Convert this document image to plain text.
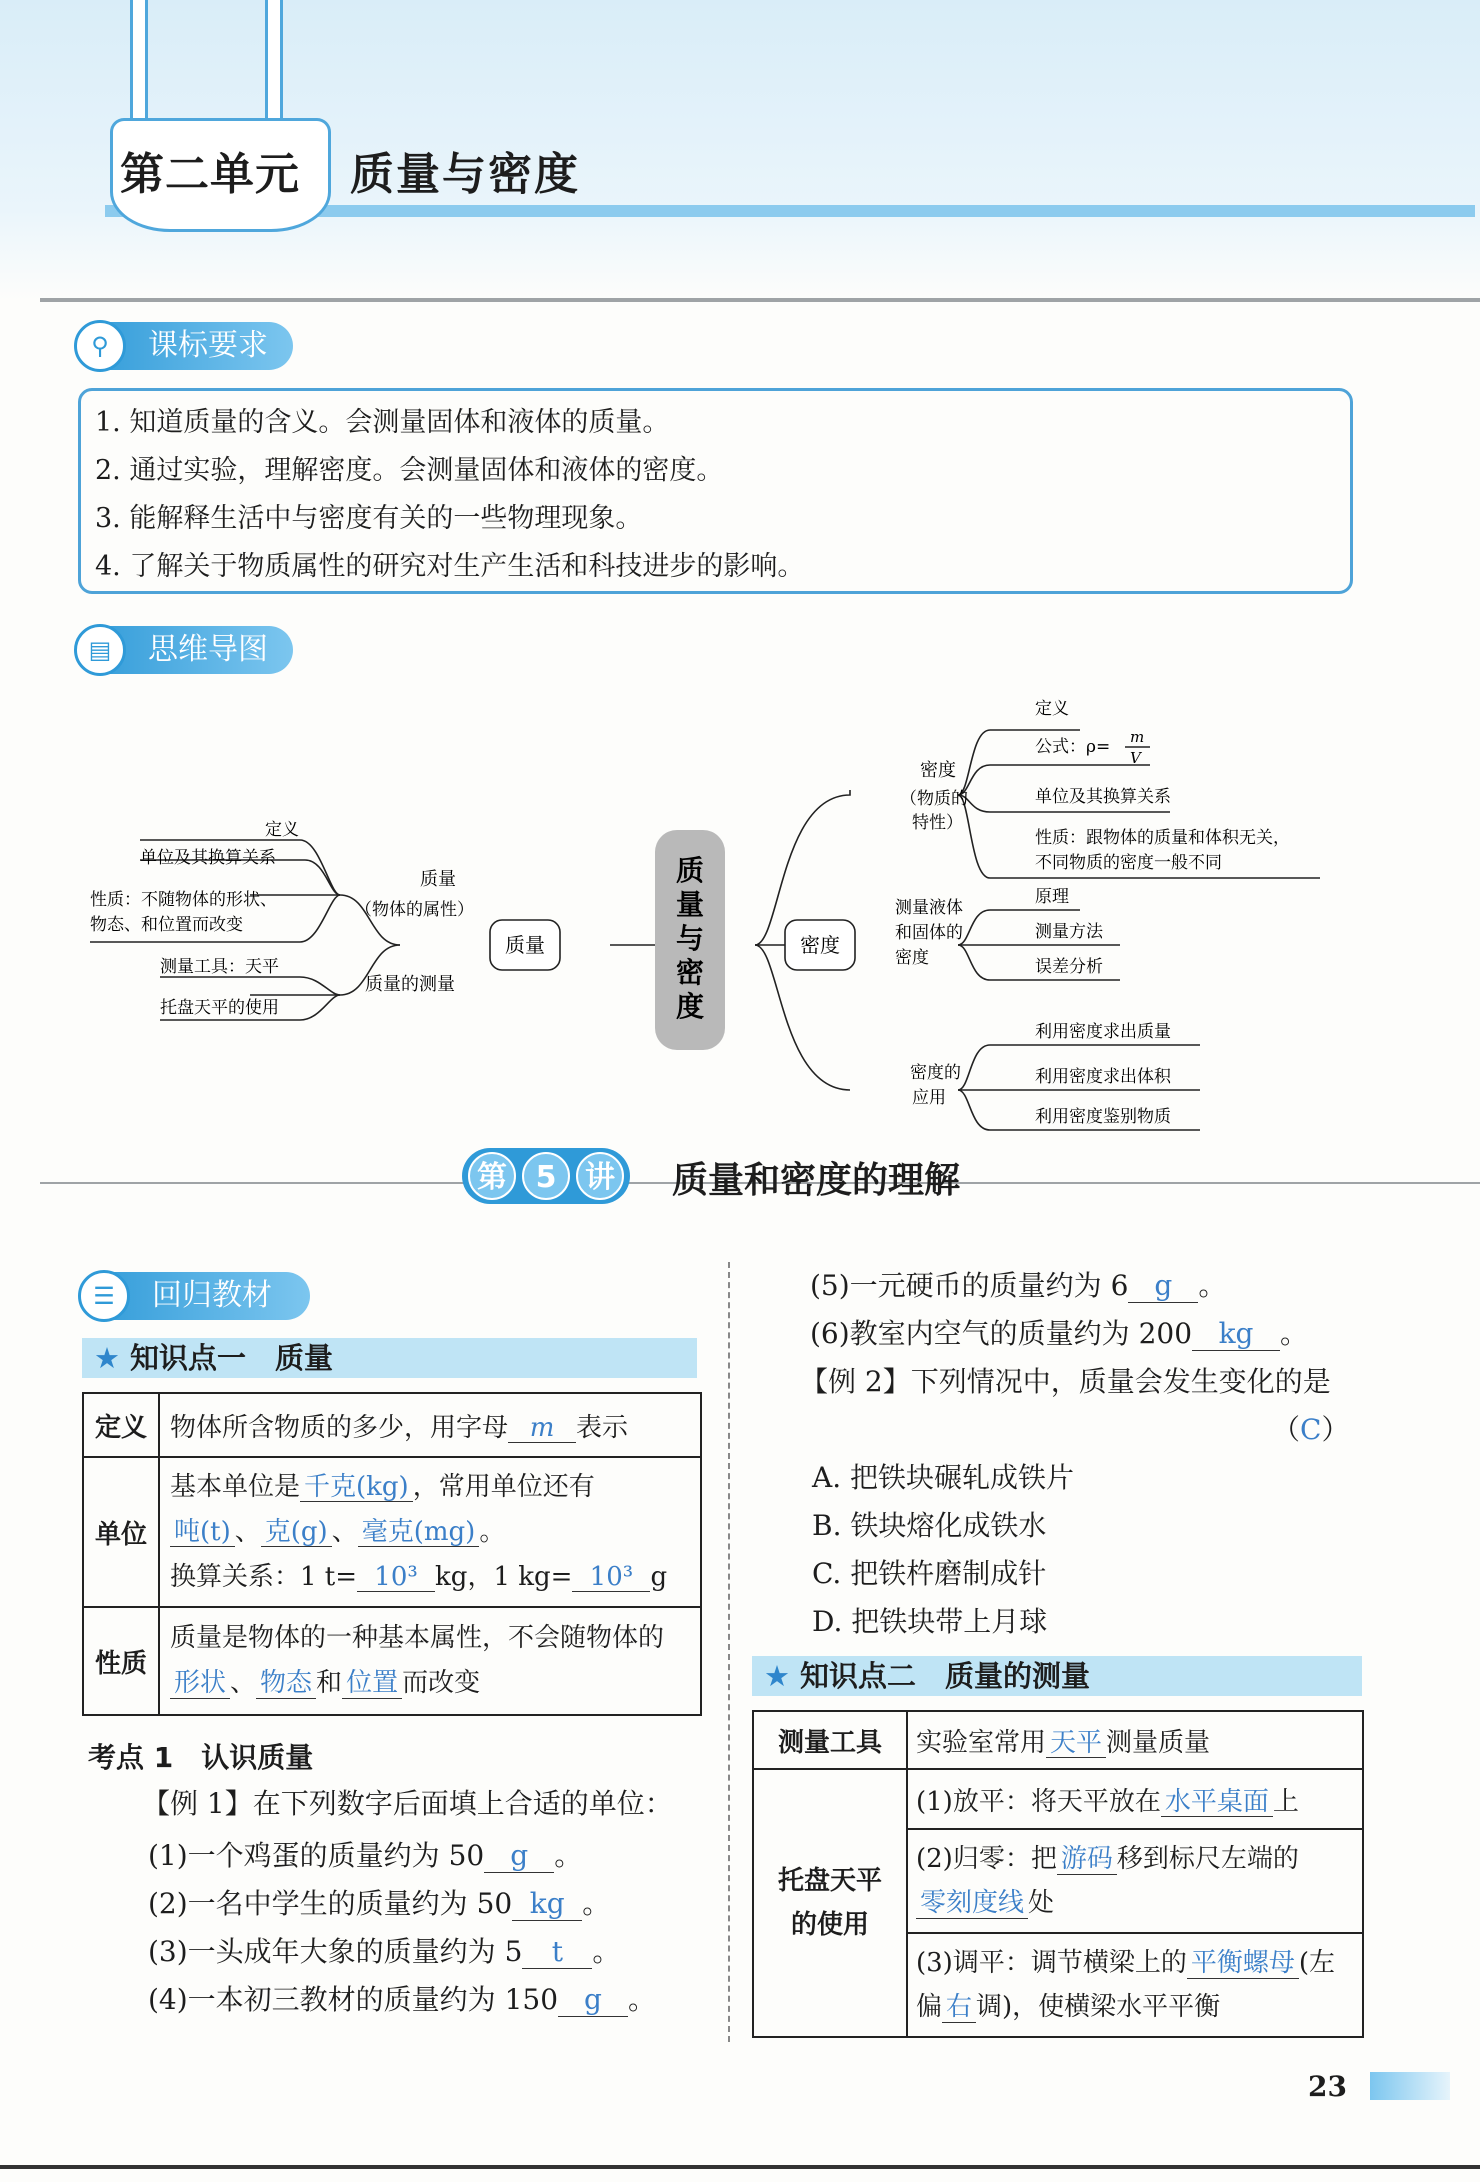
第二单元 质量与密度
课标要求
⚲
1. 知道质量的含义。会测量固体和液体的质量。
2. 通过实验，理解密度。会测量固体和液体的密度。
3. 能解释生活中与密度有关的一些物理现象。
4. 了解关于物质属性的研究对生产生活和科技进步的影响。
思维导图
▤
质量与密度
质量	密度
质量
（物体的属性）
质量的测量
定义
单位及其换算关系
性质：不随物体的形状、
物态、和位置而改变
测量工具：天平
托盘天平的使用
密度
（物质的
特性）
定义
公式：ρ= m
V
单位及其换算关系
性质：跟物体的质量和体积无关，
不同物质的密度一般不同
测量液体
和固体的
密度
原理
测量方法
误差分析
密度的
应用
利用密度求出质量
利用密度求出体积
利用密度鉴别物质
第 5 讲 质量和密度的理解
回归教材
☰
★ 知识点一　质量
定义	物体所含物质的多少，用字母 m 表示
单位	基本单位是 千克(kg) ，常用单位还有
吨(t) 、 克(g) 、 毫克(mg) 。
换算关系：1 t= 10³ kg，1 kg= 10³ g
性质	质量是物体的一种基本属性，不会随物体的
形状 、 物态 和 位置 而改变
考点 1　认识质量
【例 1】在下列数字后面填上合适的单位：
(1)一个鸡蛋的质量约为 50 g 。
(2)一名中学生的质量约为 50 kg 。
(3)一头成年大象的质量约为 5 t 。
(4)一本初三教材的质量约为 150 g 。
(5)一元硬币的质量约为 6 g 。
(6)教室内空气的质量约为 200 kg 。
【例 2】下列情况中，质量会发生变化的是
（C）
A. 把铁块碾轧成铁片
B. 铁块熔化成铁水
C. 把铁杵磨制成针
D. 把铁块带上月球
★ 知识点二　质量的测量
测量工具	实验室常用 天平 测量质量
托盘天平
的使用	(1)放平：将天平放在 水平桌面 上
	(2)归零：把 游码 移到标尺左端的
零刻度线 处
	(3)调平：调节横梁上的 平衡螺母 (左
偏 右 调)，使横梁水平平衡
23
